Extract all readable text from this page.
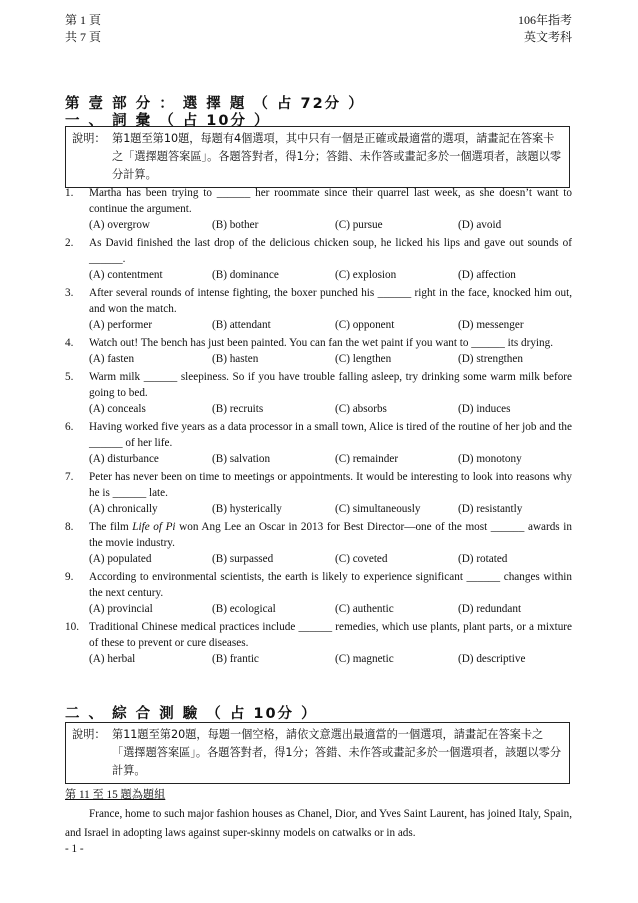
第 1 頁
共 7 頁
106年指考
英文考科
第 壹 部 分 ： 選 擇 題 （ 占 72分 ）
一 、 詞 彙 （ 占 10分 ）
說明： 第1題至第10題，每題有4個選項，其中只有一個是正確或最適當的選項，請畫記在答案卡之「選擇題答案區」。各題答對者，得1分；答錯、未作答或畫記多於一個選項者，該題以零分計算。
1.	Martha has been trying to ______ her roommate since their quarrel last week, as she doesn’t want to continue the argument.
(A) overgrow	(B) bother	(C) pursue	(D) avoid
2.	As David finished the last drop of the delicious chicken soup, he licked his lips and gave out sounds of ______.
(A) contentment	(B) dominance	(C) explosion	(D) affection
3.	After several rounds of intense fighting, the boxer punched his ______ right in the face, knocked him out, and won the match.
(A) performer	(B) attendant	(C) opponent	(D) messenger
4.	Watch out! The bench has just been painted. You can fan the wet paint if you want to ______ its drying.
(A) fasten	(B) hasten	(C) lengthen	(D) strengthen
5.	Warm milk ______ sleepiness. So if you have trouble falling asleep, try drinking some warm milk before going to bed.
(A) conceals	(B) recruits	(C) absorbs	(D) induces
6.	Having worked five years as a data processor in a small town, Alice is tired of the routine of her job and the ______ of her life.
(A) disturbance	(B) salvation	(C) remainder	(D) monotony
7.	Peter has never been on time to meetings or appointments. It would be interesting to look into reasons why he is ______ late.
(A) chronically	(B) hysterically	(C) simultaneously	(D) resistantly
8.	The film Life of Pi won Ang Lee an Oscar in 2013 for Best Director—one of the most ______ awards in the movie industry.
(A) populated	(B) surpassed	(C) coveted	(D) rotated
9.	According to environmental scientists, the earth is likely to experience significant ______ changes within the next century.
(A) provincial	(B) ecological	(C) authentic	(D) redundant
10. Traditional Chinese medical practices include ______ remedies, which use plants, plant parts, or a mixture of these to prevent or cure diseases.
(A) herbal	(B) frantic	(C) magnetic	(D) descriptive
二 、 綜 合 測 驗 （ 占 10分 ）
說明： 第11題至第20題，每題一個空格，請依文意選出最適當的一個選項，請畫記在答案卡之「選擇題答案區」。各題答對者，得1分；答錯、未作答或畫記多於一個選項者，該題以零分計算。
第 11 至 15 題為題組
France, home to such major fashion houses as Chanel, Dior, and Yves Saint Laurent, has joined Italy, Spain, and Israel in adopting laws against super-skinny models on catwalks or in ads.
- 1 -
